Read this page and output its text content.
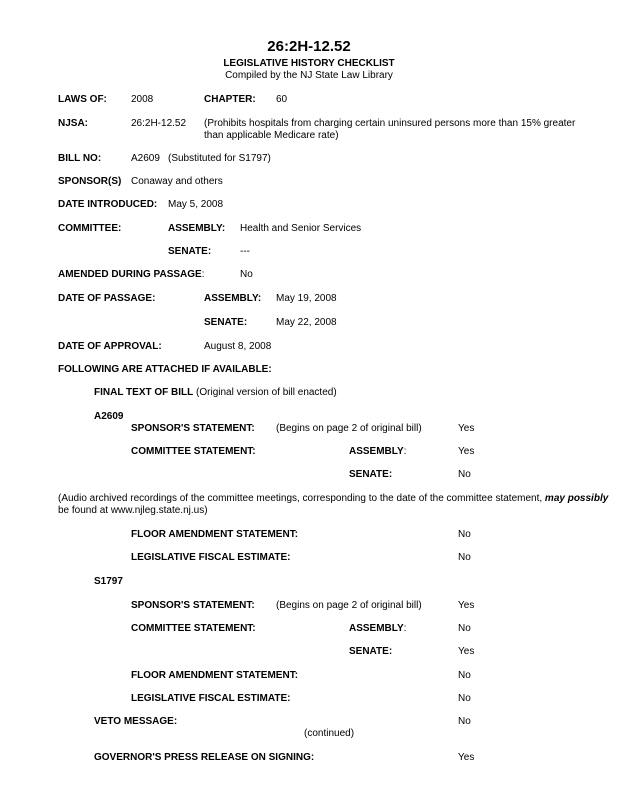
26:2H-12.52
LEGISLATIVE HISTORY CHECKLIST
Compiled by the NJ State Law Library
LAWS OF: 2008	CHAPTER: 60
NJSA:	26:2H-12.52 (Prohibits hospitals from charging certain uninsured persons more than 15% greater than applicable Medicare rate)
BILL NO:	A2609 (Substituted for S1797)
SPONSOR(S) Conaway and others
DATE INTRODUCED: May 5, 2008
COMMITTEE:	ASSEMBLY: Health and Senior Services
SENATE:	---
AMENDED DURING PASSAGE:	No
DATE OF PASSAGE:	ASSEMBLY: May 19, 2008
SENATE:	May 22, 2008
DATE OF APPROVAL:	August 8, 2008
FOLLOWING ARE ATTACHED IF AVAILABLE:
FINAL TEXT OF BILL (Original version of bill enacted)
A2609
SPONSOR'S STATEMENT: (Begins on page 2 of original bill)	Yes
COMMITTEE STATEMENT:	ASSEMBLY:	Yes
SENATE:	No
(Audio archived recordings of the committee meetings, corresponding to the date of the committee statement, may possibly
be found at www.njleg.state.nj.us)
FLOOR AMENDMENT STATEMENT:	No
LEGISLATIVE FISCAL ESTIMATE:	No
S1797
SPONSOR'S STATEMENT: (Begins on page 2 of original bill)	Yes
COMMITTEE STATEMENT:	ASSEMBLY:	No
SENATE:	Yes
FLOOR AMENDMENT STATEMENT:	No
LEGISLATIVE FISCAL ESTIMATE:	No
VETO MESSAGE:	No
(continued)
GOVERNOR'S PRESS RELEASE ON SIGNING:	Yes
